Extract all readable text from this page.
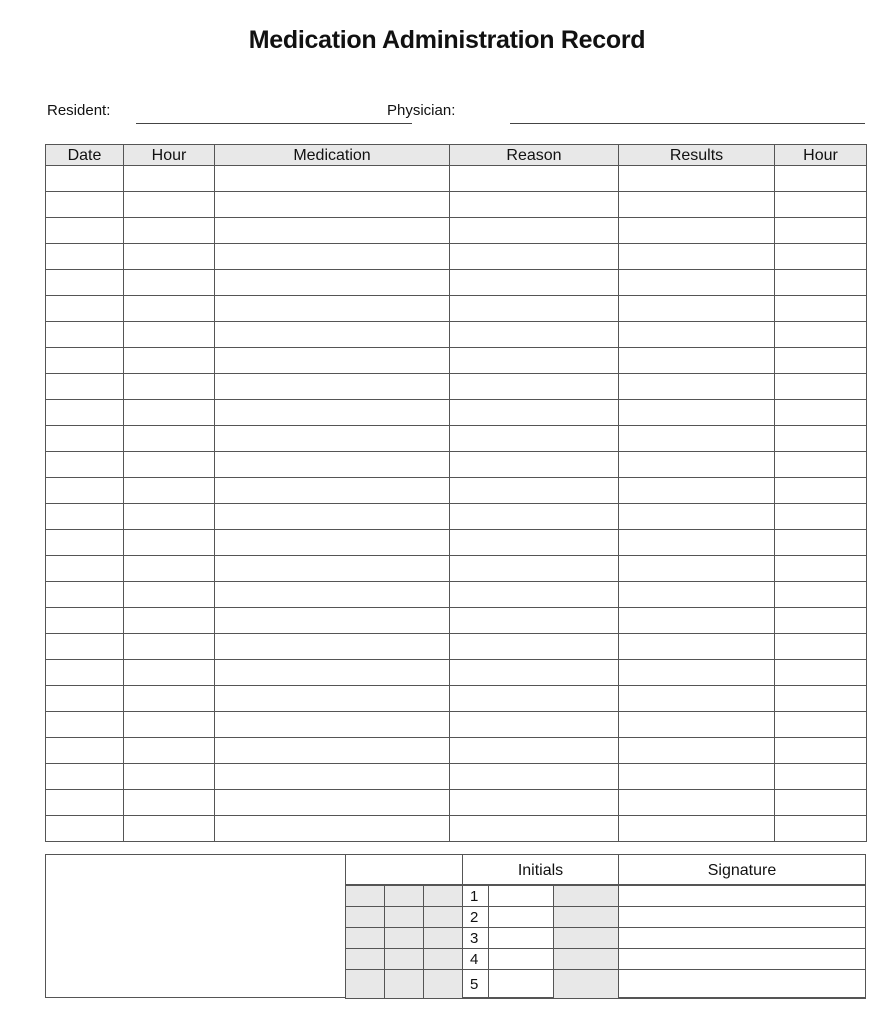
Medication Administration Record
Resident:	Physician:
Date	Hour	Medication	Reason	Results	Hour

Initials	Signature
1
2
3
4
5
